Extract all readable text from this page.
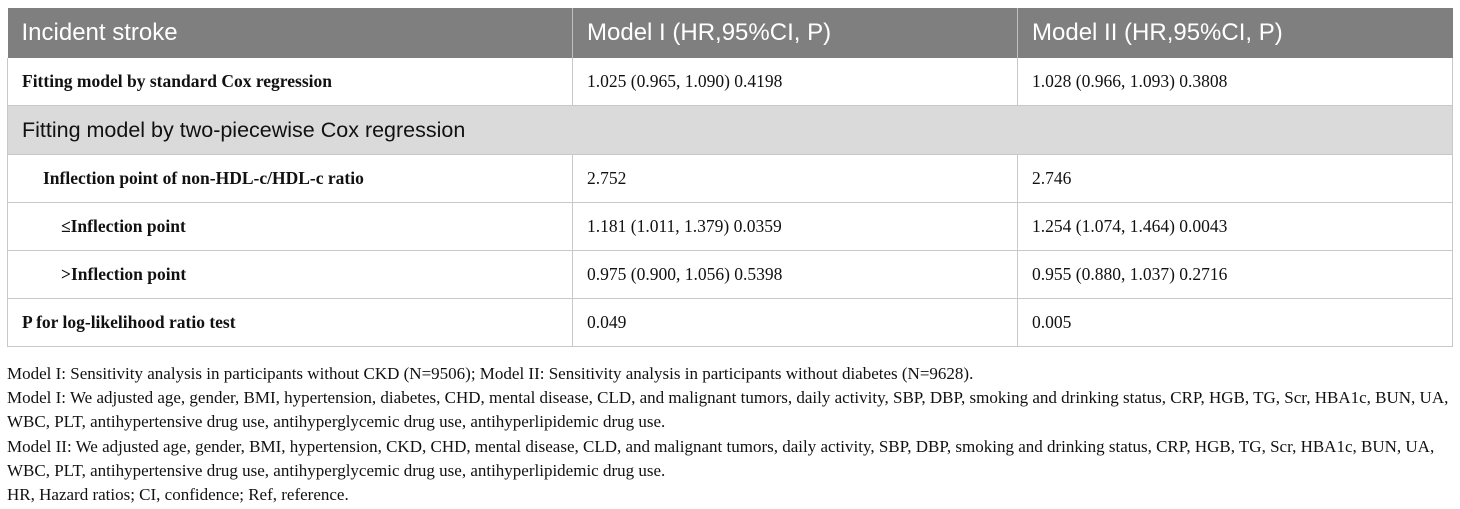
Incident stroke	Model I (HR,95%CI, P)	Model II (HR,95%CI, P)
Fitting model by standard Cox regression	1.025 (0.965, 1.090) 0.4198	1.028 (0.966, 1.093) 0.3808
Fitting model by two-piecewise Cox regression		
Inflection point of non-HDL-c/HDL-c ratio	2.752	2.746
≤Inflection point	1.181 (1.011, 1.379) 0.0359	1.254 (1.074, 1.464) 0.0043
>Inflection point	0.975 (0.900, 1.056) 0.5398	0.955 (0.880, 1.037) 0.2716
P for log-likelihood ratio test	0.049	0.005

Model I: Sensitivity analysis in participants without CKD (N=9506); Model II: Sensitivity analysis in participants without diabetes (N=9628).

Model I: We adjusted age, gender, BMI, hypertension, diabetes, CHD, mental disease, CLD, and malignant tumors, daily activity, SBP, DBP, smoking and drinking status, CRP, HGB, TG, Scr, HBA1c, BUN, UA, WBC, PLT, antihypertensive drug use, antihyperglycemic drug use, antihyperlipidemic drug use.

Model II: We adjusted age, gender, BMI, hypertension, CKD, CHD, mental disease, CLD, and malignant tumors, daily activity, SBP, DBP, smoking and drinking status, CRP, HGB, TG, Scr, HBA1c, BUN, UA, WBC, PLT, antihypertensive drug use, antihyperglycemic drug use, antihyperlipidemic drug use.

HR, Hazard ratios; CI, confidence; Ref, reference.
